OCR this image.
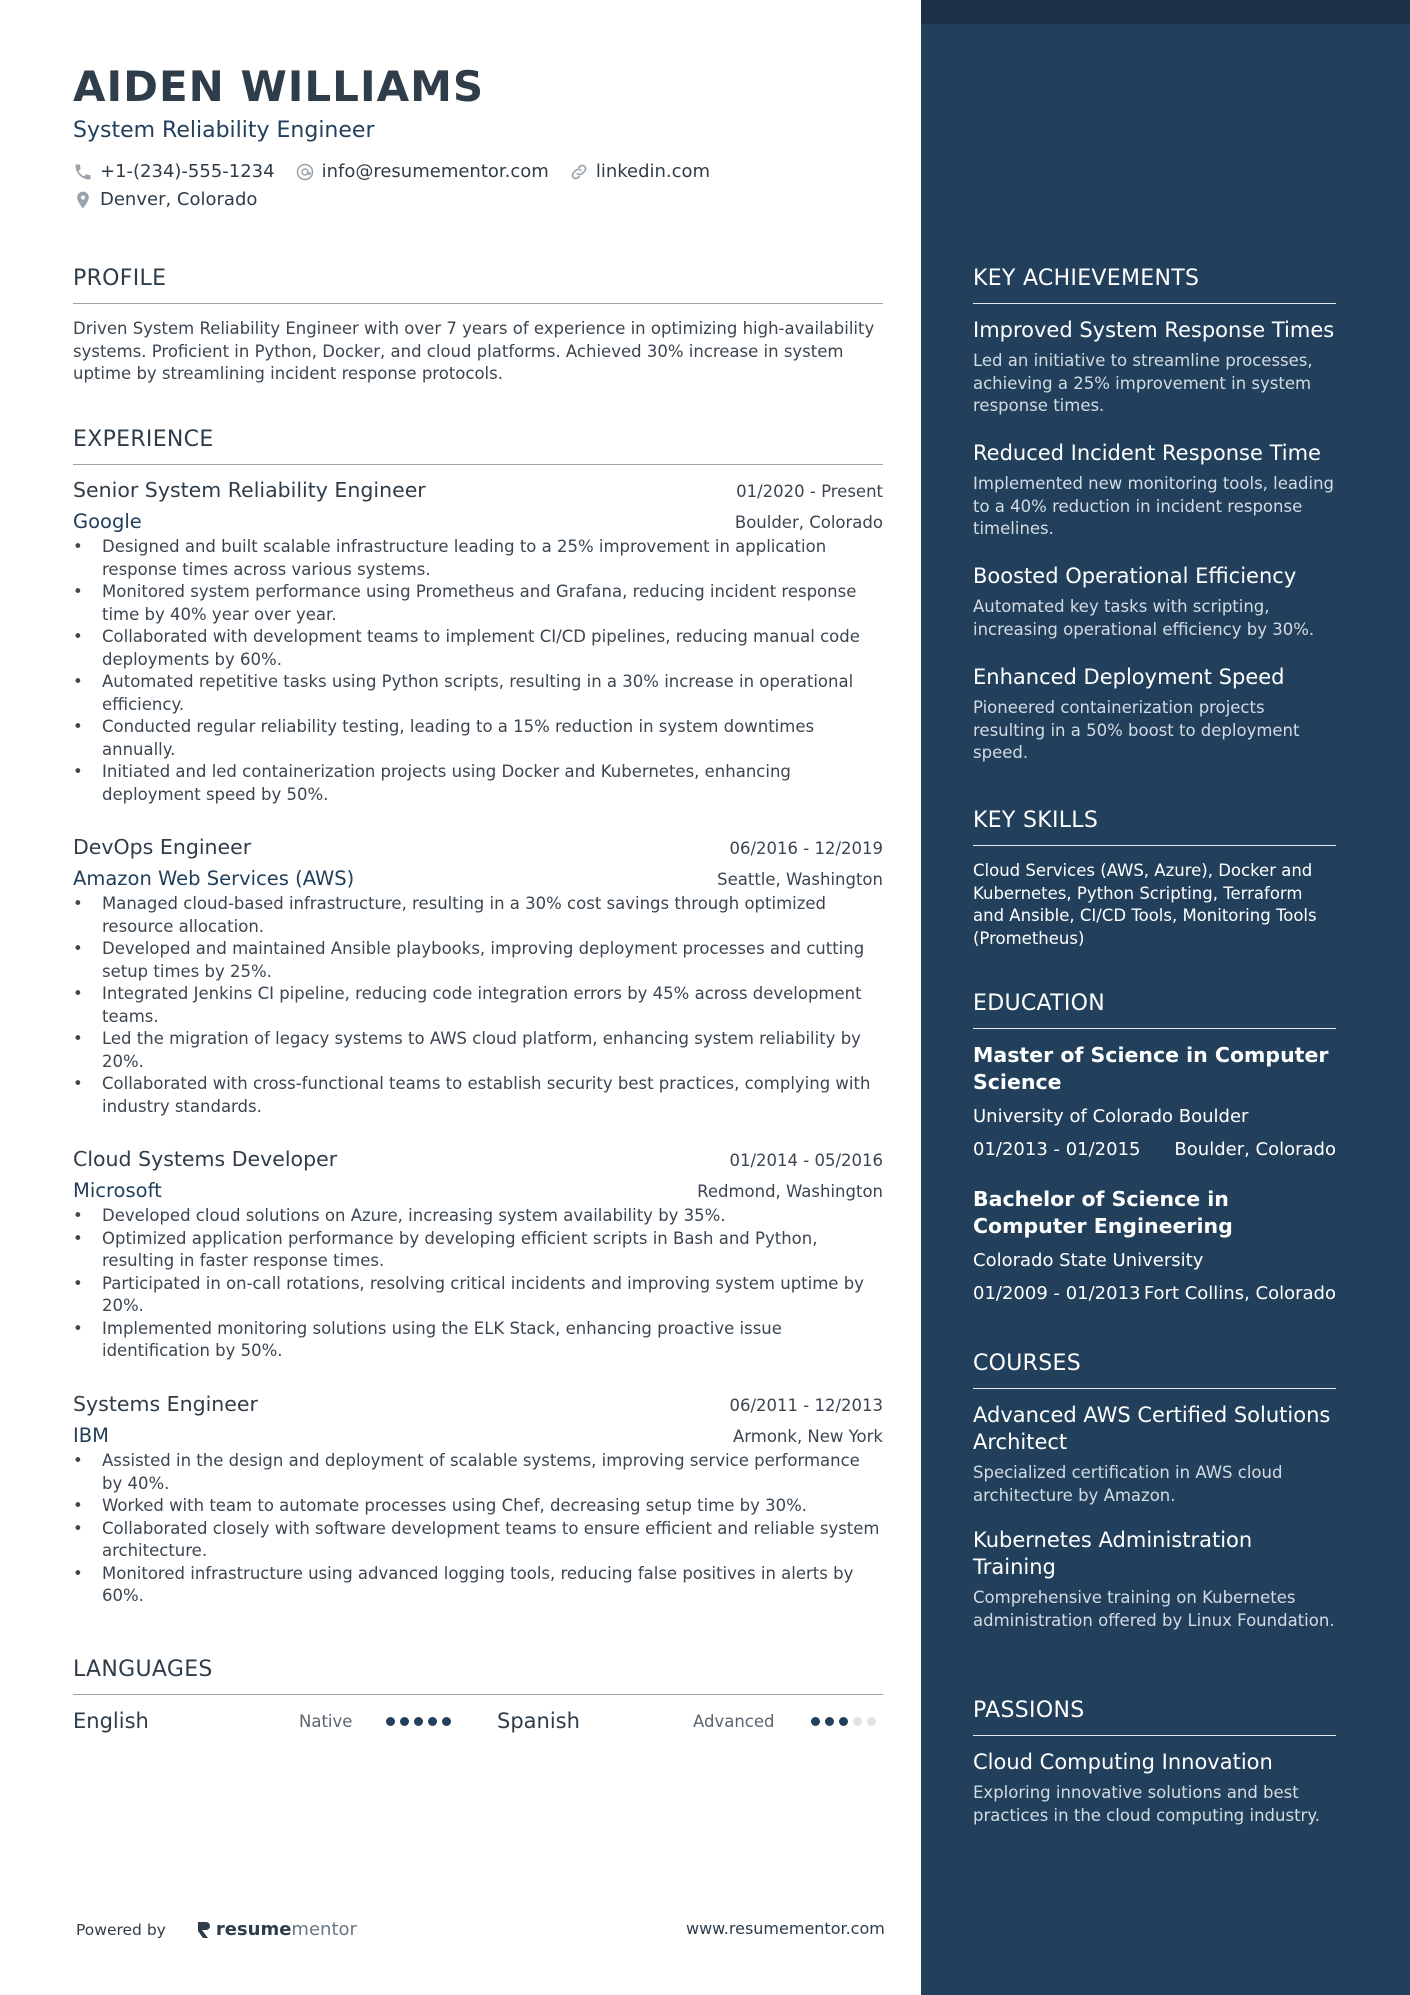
AIDEN WILLIAMS
System Reliability Engineer
+1-(234)-555-1234	info@resumementor.com	linkedin.com
Denver, Colorado
PROFILE
Driven System Reliability Engineer with over 7 years of experience in optimizing high-availability systems. Proficient in Python, Docker, and cloud platforms. Achieved 30% increase in system uptime by streamlining incident response protocols.
EXPERIENCE
Senior System Reliability Engineer	01/2020 - Present
Google	Boulder, Colorado
• Designed and built scalable infrastructure leading to a 25% improvement in application response times across various systems.
• Monitored system performance using Prometheus and Grafana, reducing incident response time by 40% year over year.
• Collaborated with development teams to implement CI/CD pipelines, reducing manual code deployments by 60%.
• Automated repetitive tasks using Python scripts, resulting in a 30% increase in operational efficiency.
• Conducted regular reliability testing, leading to a 15% reduction in system downtimes annually.
• Initiated and led containerization projects using Docker and Kubernetes, enhancing deployment speed by 50%.
DevOps Engineer	06/2016 - 12/2019
Amazon Web Services (AWS)	Seattle, Washington
• Managed cloud-based infrastructure, resulting in a 30% cost savings through optimized resource allocation.
• Developed and maintained Ansible playbooks, improving deployment processes and cutting setup times by 25%.
• Integrated Jenkins CI pipeline, reducing code integration errors by 45% across development teams.
• Led the migration of legacy systems to AWS cloud platform, enhancing system reliability by 20%.
• Collaborated with cross-functional teams to establish security best practices, complying with industry standards.
Cloud Systems Developer	01/2014 - 05/2016
Microsoft	Redmond, Washington
• Developed cloud solutions on Azure, increasing system availability by 35%.
• Optimized application performance by developing efficient scripts in Bash and Python, resulting in faster response times.
• Participated in on-call rotations, resolving critical incidents and improving system uptime by 20%.
• Implemented monitoring solutions using the ELK Stack, enhancing proactive issue identification by 50%.
Systems Engineer	06/2011 - 12/2013
IBM	Armonk, New York
• Assisted in the design and deployment of scalable systems, improving service performance by 40%.
• Worked with team to automate processes using Chef, decreasing setup time by 30%.
• Collaborated closely with software development teams to ensure efficient and reliable system architecture.
• Monitored infrastructure using advanced logging tools, reducing false positives in alerts by 60%.
LANGUAGES
English	Native	Spanish	Advanced
Powered by	resume mentor	www.resumementor.com
KEY ACHIEVEMENTS
Improved System Response Times
Led an initiative to streamline processes, achieving a 25% improvement in system response times.
Reduced Incident Response Time
Implemented new monitoring tools, leading to a 40% reduction in incident response timelines.
Boosted Operational Efficiency
Automated key tasks with scripting, increasing operational efficiency by 30%.
Enhanced Deployment Speed
Pioneered containerization projects resulting in a 50% boost to deployment speed.
KEY SKILLS
Cloud Services (AWS, Azure), Docker and Kubernetes, Python Scripting, Terraform and Ansible, CI/CD Tools, Monitoring Tools (Prometheus)
EDUCATION
Master of Science in Computer Science
University of Colorado Boulder
01/2013 - 01/2015 Boulder, Colorado
Bachelor of Science in Computer Engineering
Colorado State University
01/2009 - 01/2013 Fort Collins, Colorado
COURSES
Advanced AWS Certified Solutions Architect
Specialized certification in AWS cloud architecture by Amazon.
Kubernetes Administration Training
Comprehensive training on Kubernetes administration offered by Linux Foundation.
PASSIONS
Cloud Computing Innovation
Exploring innovative solutions and best practices in the cloud computing industry.
